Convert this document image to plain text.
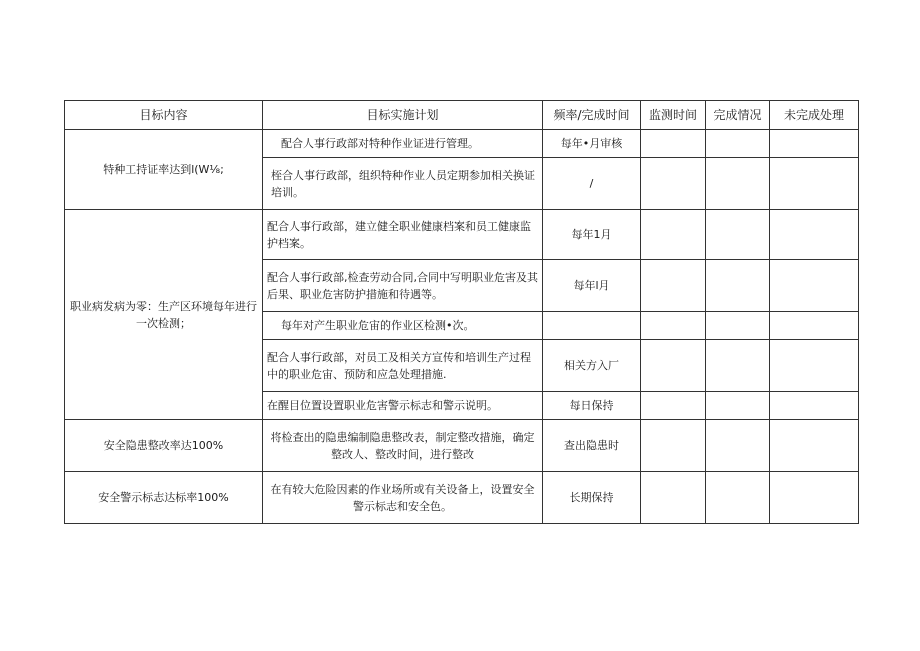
目标内容	目标实施计划	频率/完成时间	监测时间	完成情况	未完成处理
特种工持证率达到l(W⅛;	配合人事行政部对特种作业证进行管理。	每年•月审核			
	桎合人事行政部，组织特种作业人员定期参加相关换证培训。	/			
职业病发病为零：生产区环境每年进行一次检测；	配合人事行政部，建立健全职业健康档案和员工健康监护档案。	每年1月			
	配合人事行政部,检查劳动合同,合同中写明职业危害及其后果、职业危害防护措施和待遇等。	每年l月			
	每年对产生职业危宙的作业区检测•次。				
	配合人事行政部，对员工及相关方宣传和培训生产过程中的职业危宙、预防和应急处理措施.	相关方入厂			
	在醒目位置设置职业危害警示标志和警示说明。	每日保持			
安全隐患整改率达100%	将检查出的隐患编制隐患整改表，制定整改措施，确定整改人、整改时间，进行整改	查出隐患时			
安全警示标志达标率100%	在有较大危险因素的作业场所或有关设备上，设置安全警示标志和安全色。	长期保持			
